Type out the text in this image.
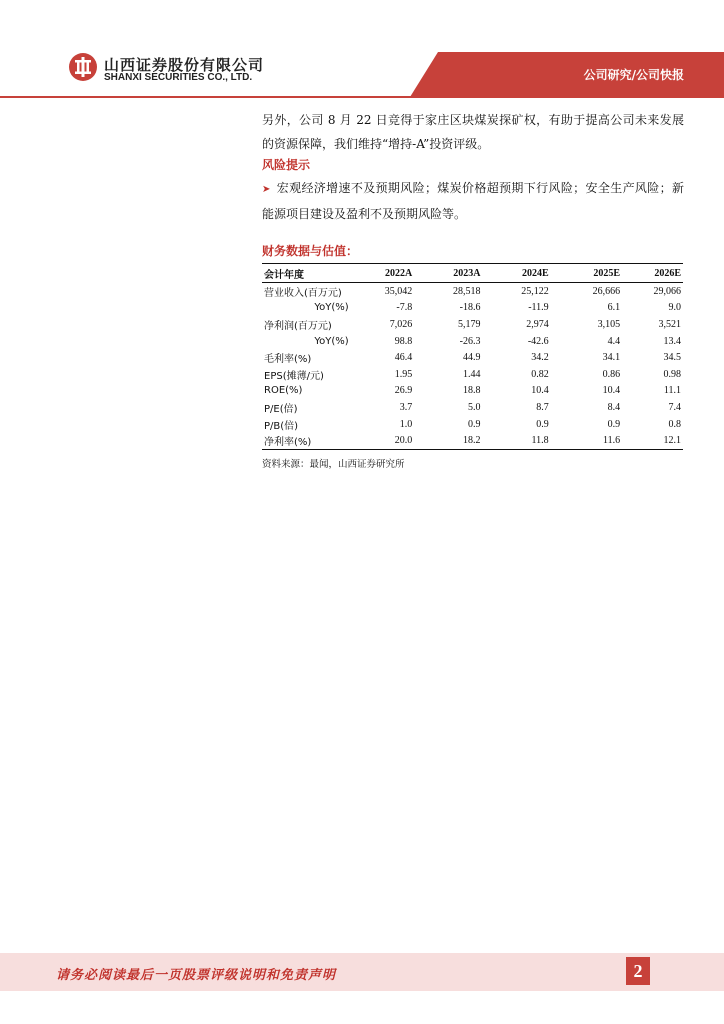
山西证券股份有限公司
SHANXI SECURITIES CO., LTD.	公司研究/公司快报
另外，公司 8 月 22 日竞得于家庄区块煤炭探矿权，有助于提高公司未来发展的资源保障，我们维持“增持-A”投资评级。
风险提示
➤ 宏观经济增速不及预期风险；煤炭价格超预期下行风险；安全生产风险；新能源项目建设及盈利不及预期风险等。
财务数据与估值：
会计年度	2022A	2023A	2024E	2025E	2026E
营业收入(百万元)	35,042	28,518	25,122	26,666	29,066
YoY(%)	-7.8	-18.6	-11.9	6.1	9.0
净利润(百万元)	7,026	5,179	2,974	3,105	3,521
YoY(%)	98.8	-26.3	-42.6	4.4	13.4
毛利率(%)	46.4	44.9	34.2	34.1	34.5
EPS(摊薄/元)	1.95	1.44	0.82	0.86	0.98
ROE(%)	26.9	18.8	10.4	10.4	11.1
P/E(倍)	3.7	5.0	8.7	8.4	7.4
P/B(倍)	1.0	0.9	0.9	0.9	0.8
净利率(%)	20.0	18.2	11.8	11.6	12.1
资料来源：最闻，山西证券研究所
请务必阅读最后一页股票评级说明和免责声明	2
